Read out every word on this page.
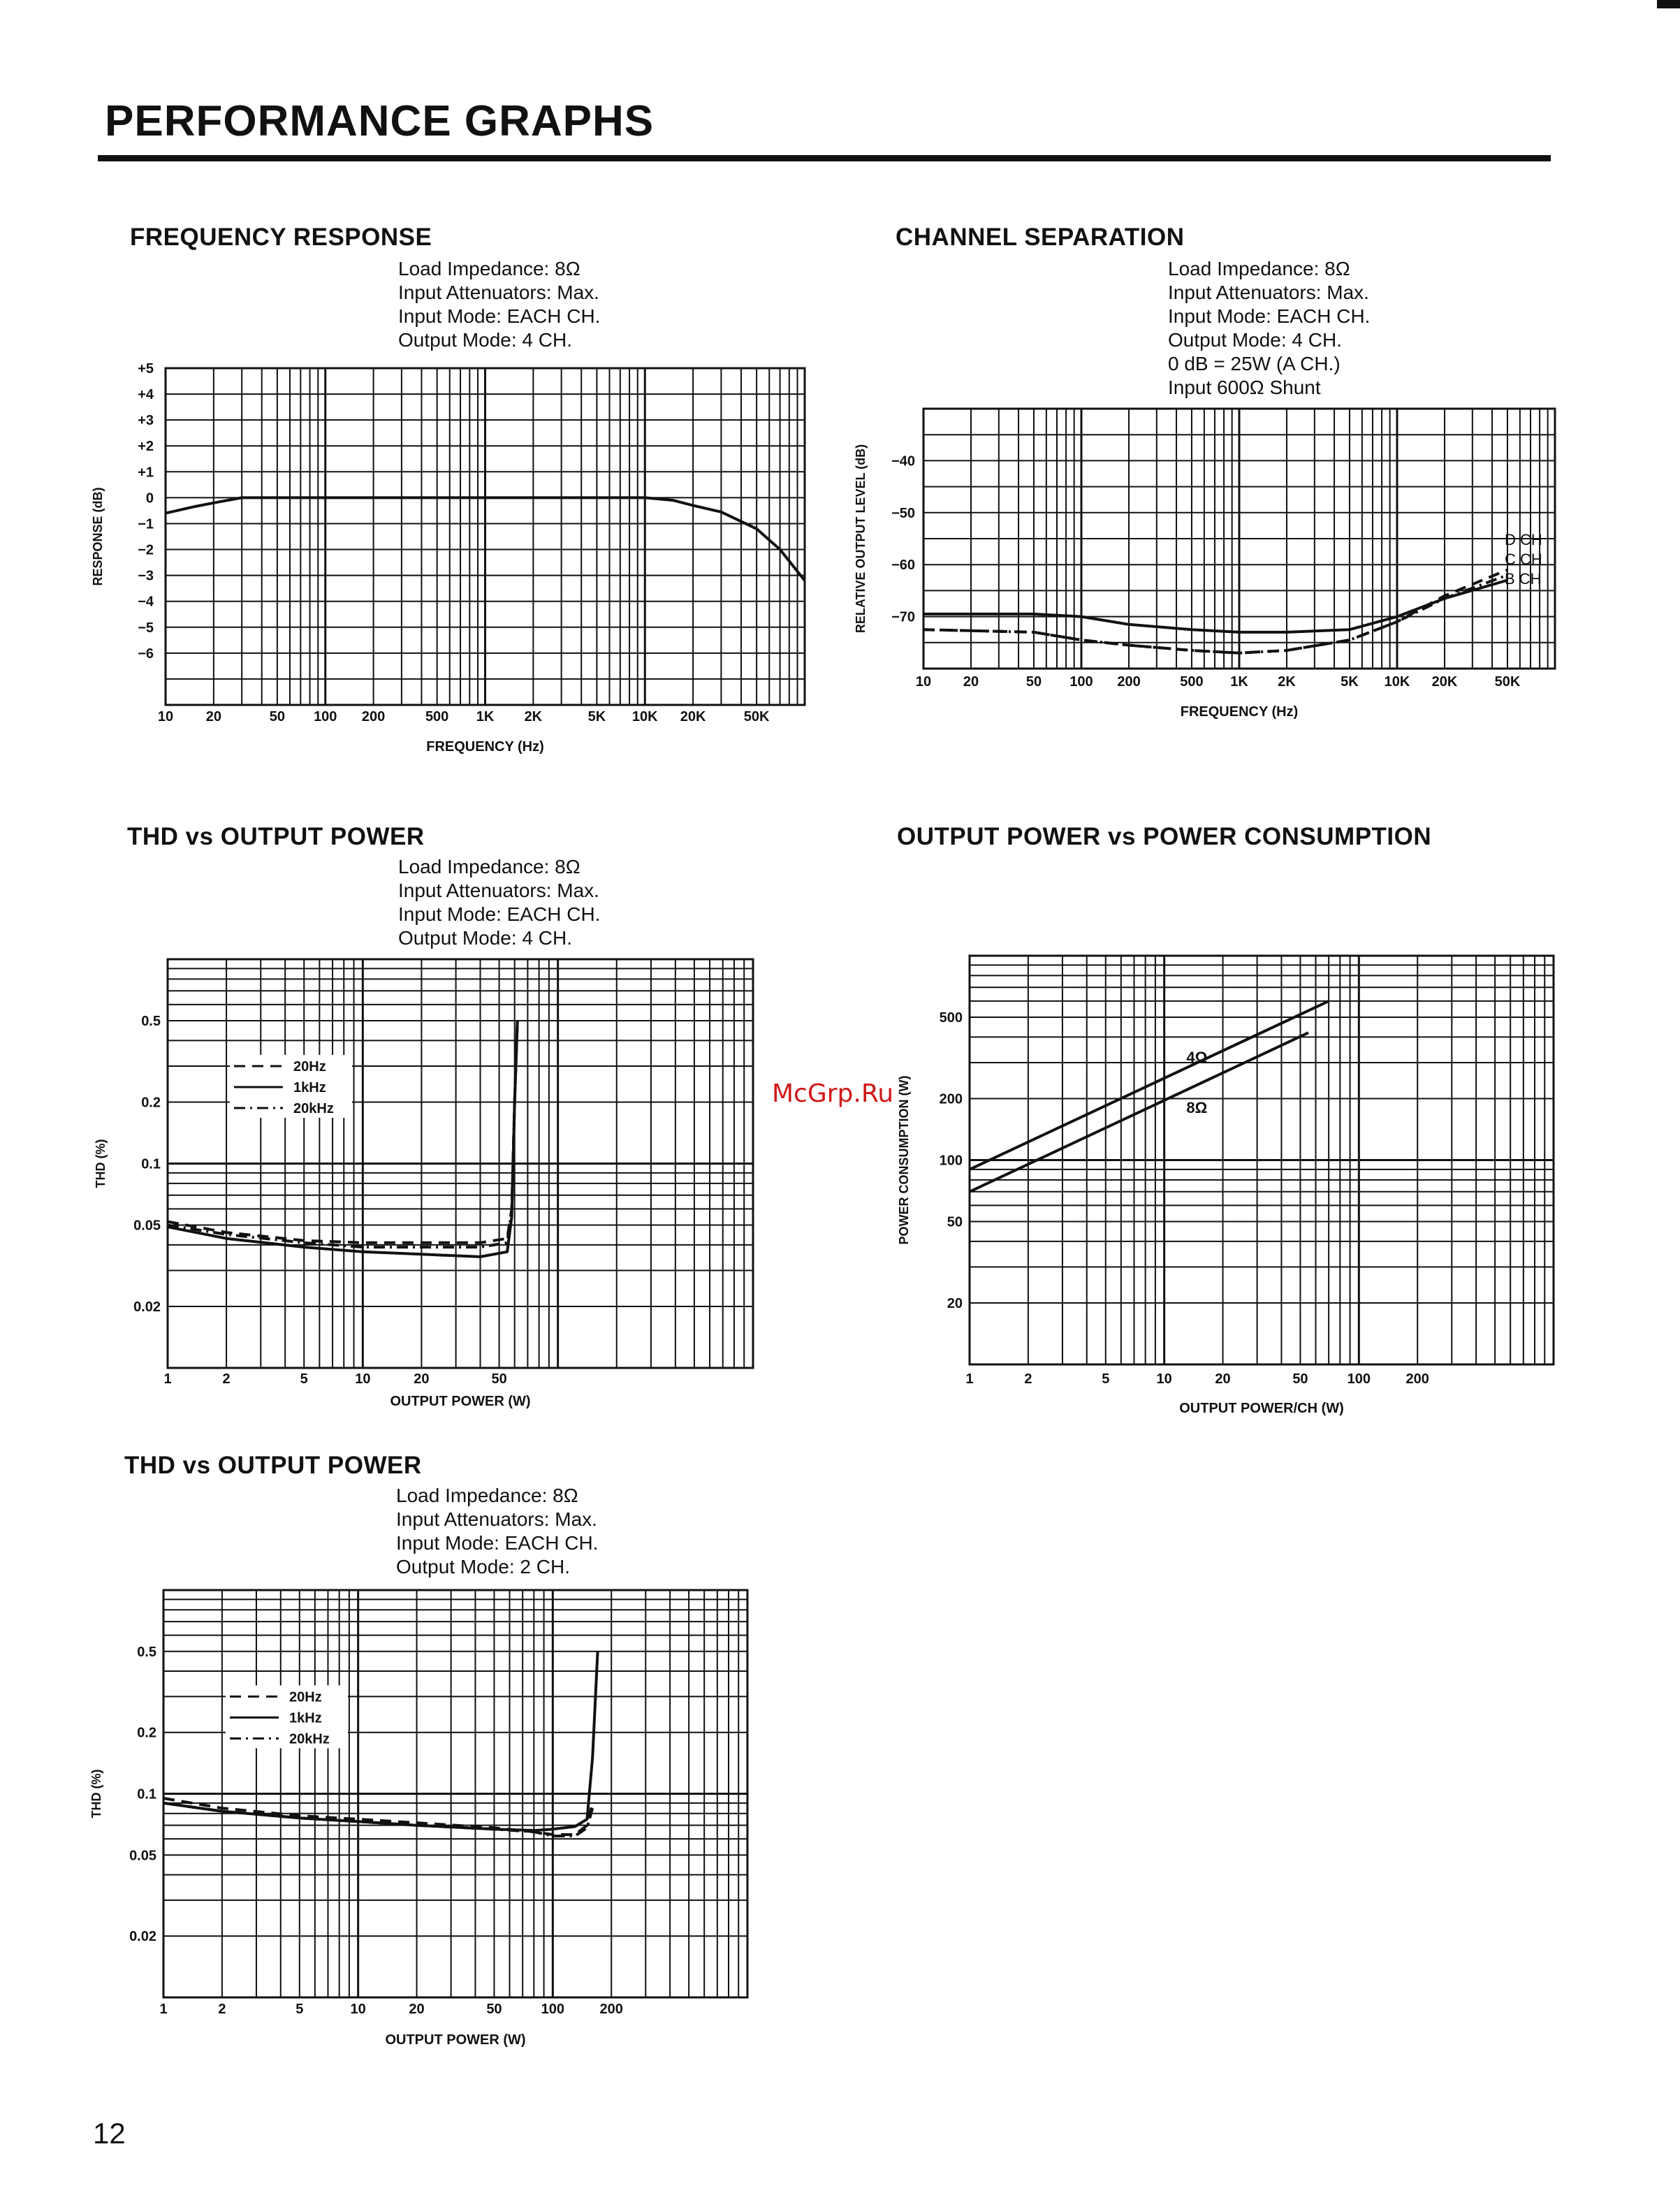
PERFORMANCE GRAPHS
FREQUENCY RESPONSE
Load Impedance: 8Ω
Input Attenuators: Max.
Input Mode: EACH CH.
Output Mode: 4 CH.
CHANNEL SEPARATION
Load Impedance: 8Ω
Input Attenuators: Max.
Input Mode: EACH CH.
Output Mode: 4 CH.
0 dB = 25W (A CH.)
Input 600Ω Shunt
THD vs OUTPUT POWER
Load Impedance: 8Ω
Input Attenuators: Max.
Input Mode: EACH CH.
Output Mode: 4 CH.
OUTPUT POWER vs POWER CONSUMPTION
THD vs OUTPUT POWER
Load Impedance: 8Ω
Input Attenuators: Max.
Input Mode: EACH CH.
Output Mode: 2 CH.
McGrp.Ru
12
10 20	50 100 200	500 1K 2K	5K 10K 20K	50K
+5
+4
+3
+2
+1
0
−1
−2
−3
−4
−5
−6
FREQUENCY (Hz)
RESPONSE (dB)
10 20	50 100 200	500 1K 2K	5K 10K 20K	50K
−40
−50
−60
−70
FREQUENCY (Hz)
RELATIVE OUTPUT LEVEL (dB)	D CH
C CH
B CH
1	2	5	10	20	50
0.5
0.2
0.1
0.05
0.02
OUTPUT POWER (W)
THD (%)
20Hz
1kHz
20kHz
1	2	5	10	20	50	100	200
500
200
100
50
20
OUTPUT POWER/CH (W)
POWER CONSUMPTION (W)
4Ω
8Ω
1	2	5	10	20	50	100	200
0.5
0.2
0.1
0.05
0.02
OUTPUT POWER (W)
THD (%)
20Hz
1kHz
20kHz
